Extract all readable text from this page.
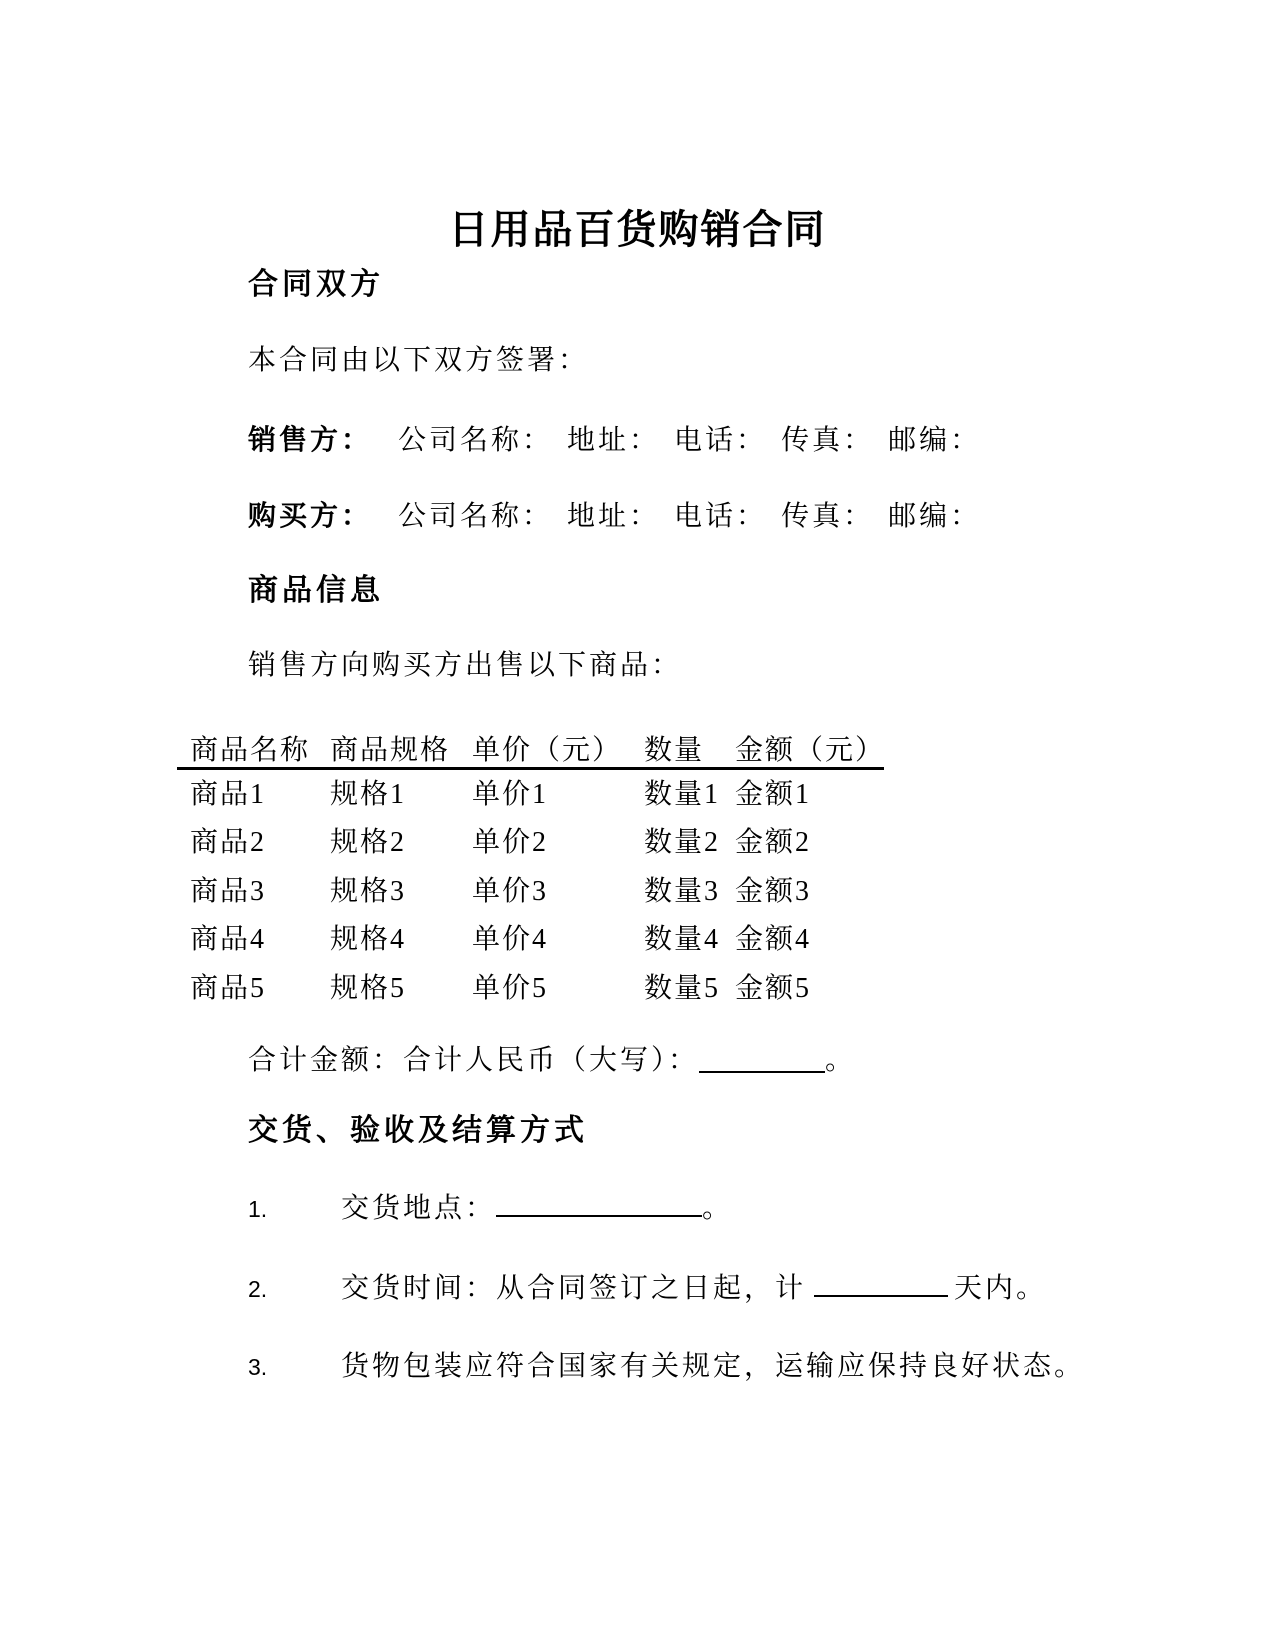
日用品百货购销合同
合同双方
本合同由以下双方签署：
销售方： 公司名称： 地址： 电话： 传真： 邮编：
购买方： 公司名称： 地址： 电话： 传真： 邮编：
商品信息
销售方向购买方出售以下商品：
商品名称 商品规格 单价（元） 数量	金额（元）
商品1	规格1	单价1	数量1 金额1
商品2	规格2	单价2	数量2 金额2
商品3	规格3	单价3	数量3 金额3
商品4	规格4	单价4	数量4 金额4
商品5	规格5	单价5	数量5 金额5
合计金额：合计人民币（大写）：	。
交货、验收及结算方式
1.	交货地点：	。
2.	交货时间：从合同签订之日起，计	天内。
3.	货物包装应符合国家有关规定，运输应保持良好状态。
